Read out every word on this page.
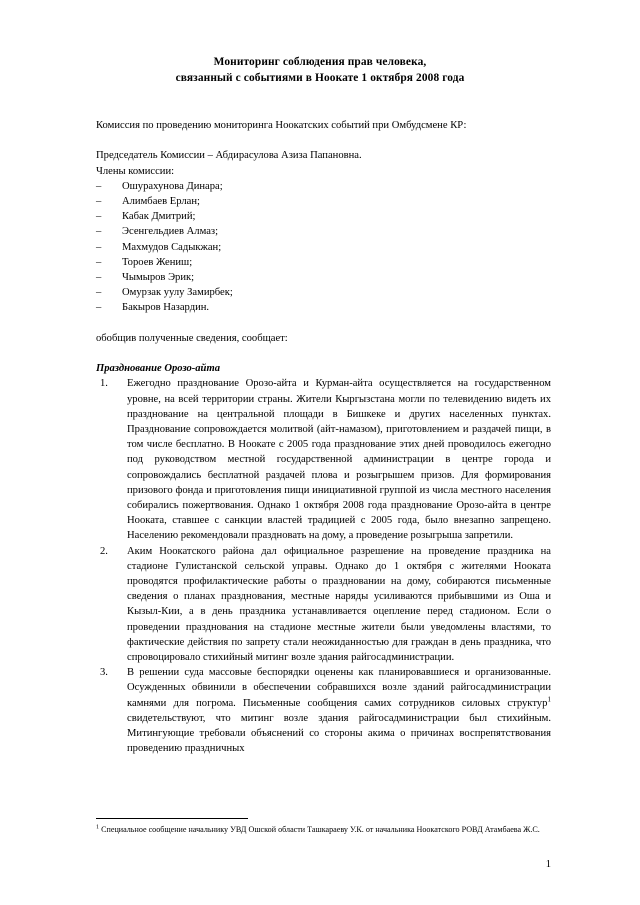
Мониторинг соблюдения прав человека,
связанный с событиями в Ноокате 1 октября 2008 года

Комиссия по проведению мониторинга Ноокатских событий при Омбудсмене КР:

Председатель Комиссии – Абдирасулова Азиза Папановна.

Члены комиссии:

– Ошурахунова Динара;
– Алимбаев Ерлан;
– Кабак Дмитрий;
– Эсенгельдиев Алмаз;
– Махмудов Садыкжан;
– Тороев Жениш;
– Чымыров Эрик;
– Омурзак уулу Замирбек;
– Бакыров Назардин.

обобщив полученные сведения, сообщает:

Празднование Орозо-айта

1.	Ежегодно празднование Орозо-айта и Курман-айта осуществляется на государственном уровне, на всей территории страны. Жители Кыргызстана могли по телевидению видеть их празднование на центральной площади в Бишкеке и других населенных пунктах. Празднование сопровождается молитвой (айт-намазом), приготовлением и раздачей пищи, в том числе бесплатно. В Ноокате с 2005 года празднование этих дней проводилось ежегодно под руководством местной государственной администрации в центре города и сопровождались бесплатной раздачей плова и розыгрышем призов. Для формирования призового фонда и приготовления пищи инициативной группой из числа местного населения собирались пожертвования. Однако 1 октября 2008 года празднование Орозо-айта в центре Нооката, ставшее с санкции властей традицией с 2005 года, было внезапно запрещено. Населению рекомендовали праздновать на дому, а проведение розыгрыша запретили.
2.	Аким Ноокатского района дал официальное разрешение на проведение праздника на стадионе Гулистанской сельской управы. Однако до 1 октября с жителями Нооката проводятся профилактические работы о праздновании на дому, собираются письменные сведения о планах празднования, местные наряды усиливаются прибывшими из Оша и Кызыл-Кии, а в день праздника устанавливается оцепление перед стадионом. Если о проведении празднования на стадионе местные жители были уведомлены властями, то фактические действия по запрету стали неожиданностью для граждан в день праздника, что спровоцировало стихийный митинг возле здания райгосадминистрации.
3.	В решении суда массовые беспорядки оценены как планировавшиеся и организованные. Осужденных обвинили в обеспечении собравшихся возле зданий райгосадминистрации камнями для погрома. Письменные сообщения самих сотрудников силовых структур$^1$ свидетельствуют, что митинг возле здания райгосадминистрации был стихийным. Митингующие требовали объяснений со стороны акима о причинах воспрепятствования проведению праздничных
$^1$ Специальное сообщение начальнику УВД Ошской области Ташкараеву У.К. от начальника Ноокатского РОВД Атамбаева Ж.С.
1
